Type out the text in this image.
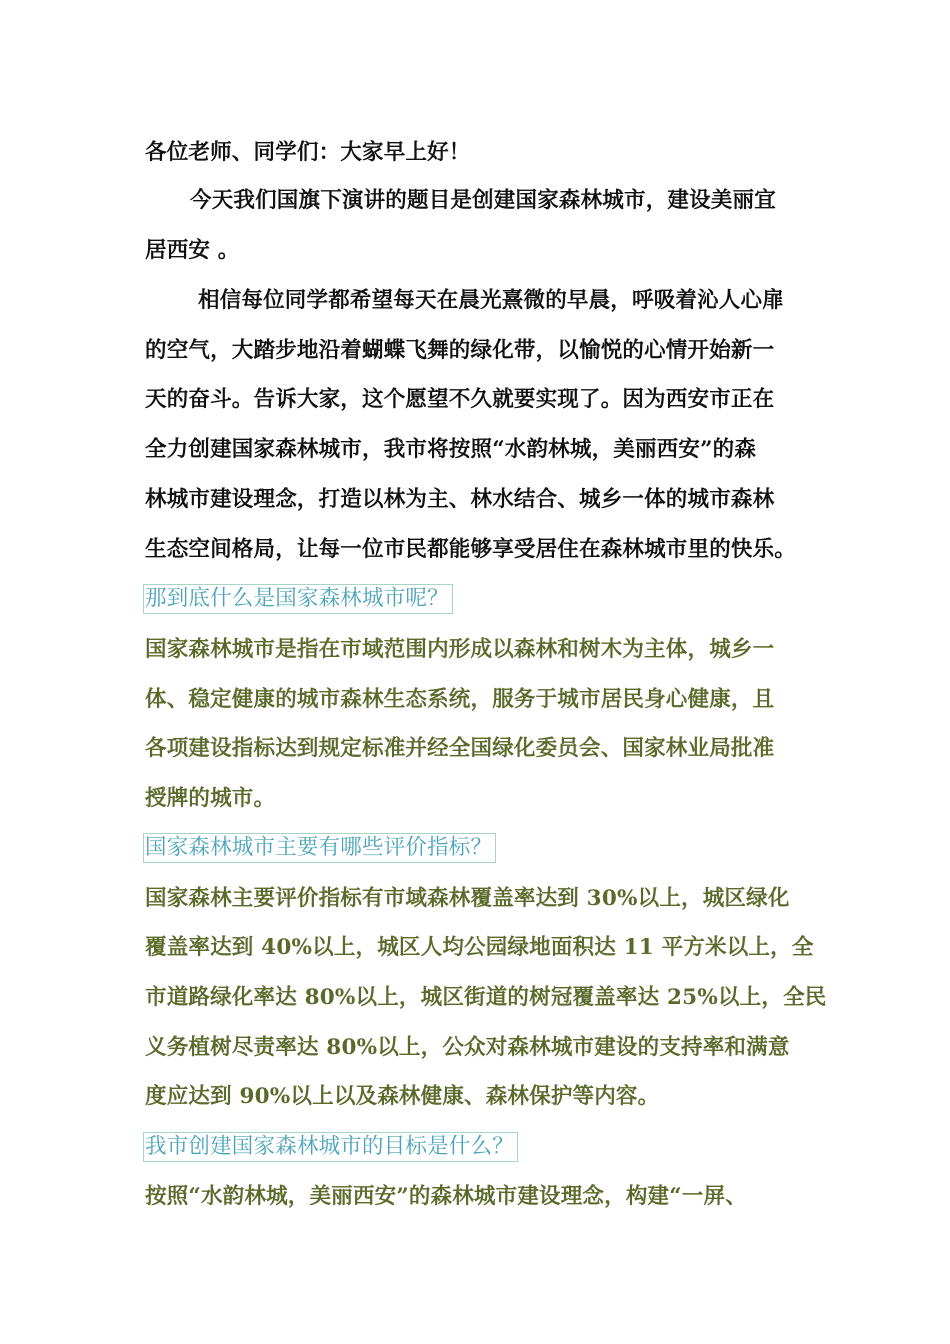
各位老师、同学们：大家早上好！
今天我们国旗下演讲的题目是创建国家森林城市，建设美丽宜
居西安 。
相信每位同学都希望每天在晨光熹微的早晨，呼吸着沁人心扉
的空气，大踏步地沿着蝴蝶飞舞的绿化带，以愉悦的心情开始新一
天的奋斗。告诉大家，这个愿望不久就要实现了。因为西安市正在
全力创建国家森林城市，我市将按照“水韵林城，美丽西安”的森
林城市建设理念，打造以林为主、林水结合、城乡一体的城市森林
生态空间格局，让每一位市民都能够享受居住在森林城市里的快乐。
那到底什么是国家森林城市呢？
国家森林城市是指在市域范围内形成以森林和树木为主体，城乡一
体、稳定健康的城市森林生态系统，服务于城市居民身心健康，且
各项建设指标达到规定标准并经全国绿化委员会、国家林业局批准
授牌的城市。
国家森林城市主要有哪些评价指标？
国家森林主要评价指标有市域森林覆盖率达到 30%以上，城区绿化
覆盖率达到 40%以上，城区人均公园绿地面积达 11 平方米以上，全
市道路绿化率达 80%以上，城区街道的树冠覆盖率达 25%以上，全民
义务植树尽责率达 80%以上，公众对森林城市建设的支持率和满意
度应达到 90%以上以及森林健康、森林保护等内容。
我市创建国家森林城市的目标是什么？
按照“水韵林城，美丽西安”的森林城市建设理念，构建“一屏、
